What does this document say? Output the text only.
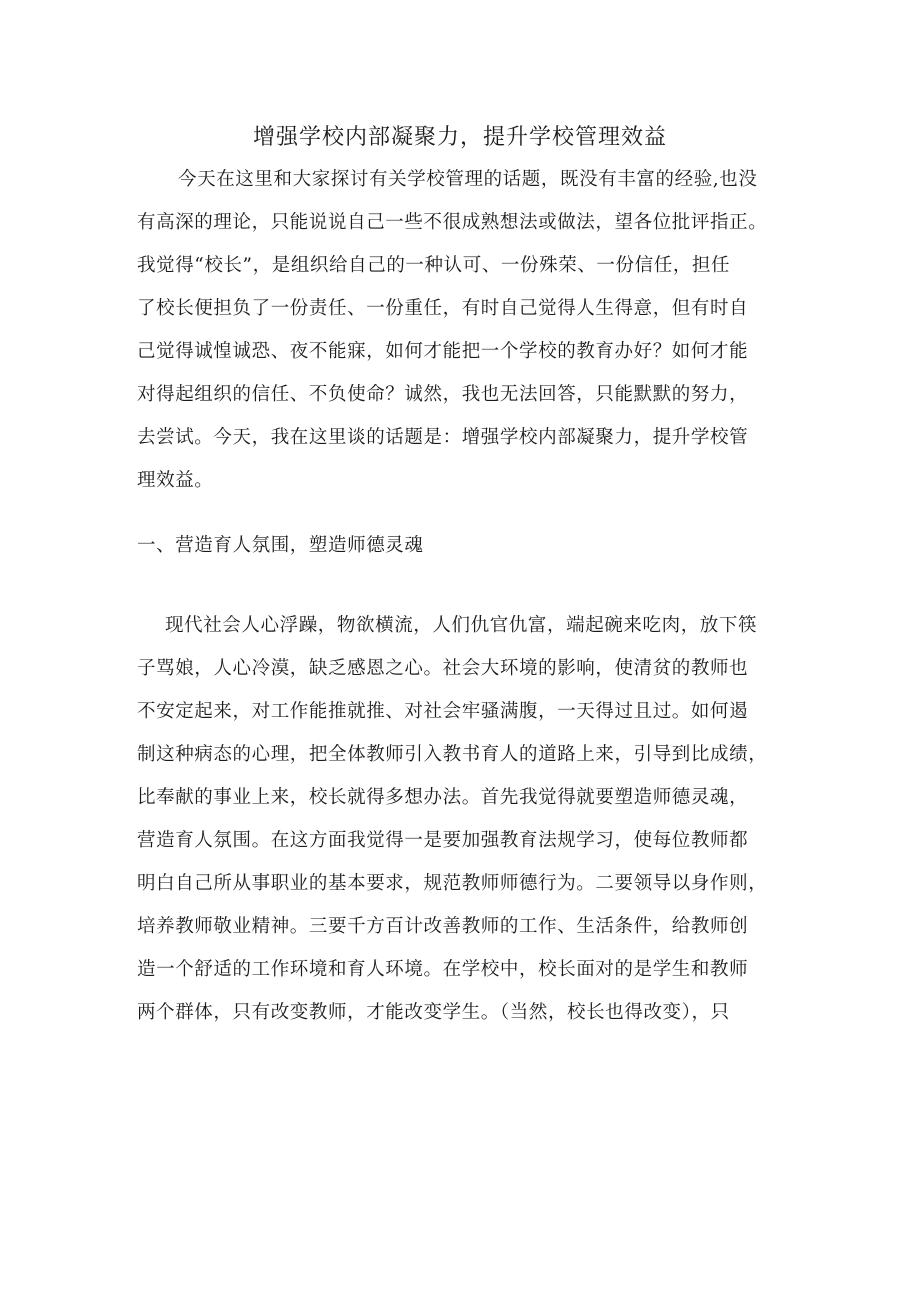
增强学校内部凝聚力，提升学校管理效益
今天在这里和大家探讨有关学校管理的话题，既没有丰富的经验,也没
有高深的理论，只能说说自己一些不很成熟想法或做法，望各位批评指正。
我觉得“校长”，是组织给自己的一种认可、一份殊荣、一份信任，担任
了校长便担负了一份责任、一份重任，有时自己觉得人生得意，但有时自
己觉得诚惶诚恐、夜不能寐，如何才能把一个学校的教育办好？如何才能
对得起组织的信任、不负使命？诚然，我也无法回答，只能默默的努力，
去尝试。今天，我在这里谈的话题是：增强学校内部凝聚力，提升学校管
理效益。
一、营造育人氛围，塑造师德灵魂
现代社会人心浮躁，物欲横流，人们仇官仇富，端起碗来吃肉，放下筷
子骂娘，人心冷漠，缺乏感恩之心。社会大环境的影响，使清贫的教师也
不安定起来，对工作能推就推、对社会牢骚满腹，一天得过且过。如何遏
制这种病态的心理，把全体教师引入教书育人的道路上来，引导到比成绩，
比奉献的事业上来，校长就得多想办法。首先我觉得就要塑造师德灵魂，
营造育人氛围。在这方面我觉得一是要加强教育法规学习，使每位教师都
明白自己所从事职业的基本要求，规范教师师德行为。二要领导以身作则，
培养教师敬业精神。三要千方百计改善教师的工作、生活条件，给教师创
造一个舒适的工作环境和育人环境。在学校中，校长面对的是学生和教师
两个群体，只有改变教师，才能改变学生。（当然，校长也得改变），只
